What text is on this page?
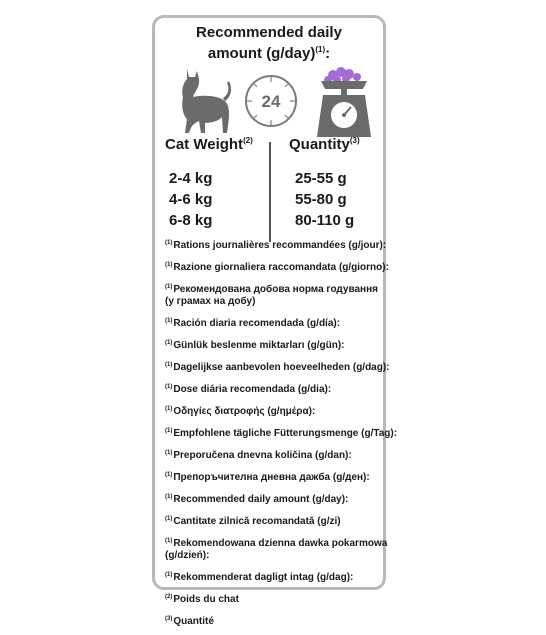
Recommended daily
amount $(g/day)^{(1)}$:
24
Cat Weight$^{(2)}$ Quantity$^{(3)}$
2-4 kg
4-6 kg
6-8 kg
25-55 g
55-80 g
80-110 g
$^{(1)}$Rations journalières recommandées (g/jour):
$^{(1)}$Razione giornaliera raccomandata (g/giorno):
$^{(1)}$Рекомендована добова норма годування
(у грамах на добу)
$^{(1)}$Ración diaria recomendada (g/día):
$^{(1)}$Günlük beslenme miktarları (g/gün):
$^{(1)}$Dagelijkse aanbevolen hoeveelheden (g/dag):
$^{(1)}$Dose diária recomendada (g/dia):
$^{(1)}$Οδηγίες διατροφής (g/ημέρα):
$^{(1)}$Empfohlene tägliche Fütterungsmenge (g/Tag):
$^{(1)}$Preporučena dnevna količina (g/dan):
$^{(1)}$Препоръчителна дневна дажба (g/ден):
$^{(1)}$Recommended daily amount (g/day):
$^{(1)}$Cantitate zilnică recomandată (g/zi)
$^{(1)}$Rekomendowana dzienna dawka pokarmowa
(g/dzień):
$^{(1)}$Rekommenderat dagligt intag (g/dag):
$^{(2)}$Poids du chat
$^{(3)}$Quantité
